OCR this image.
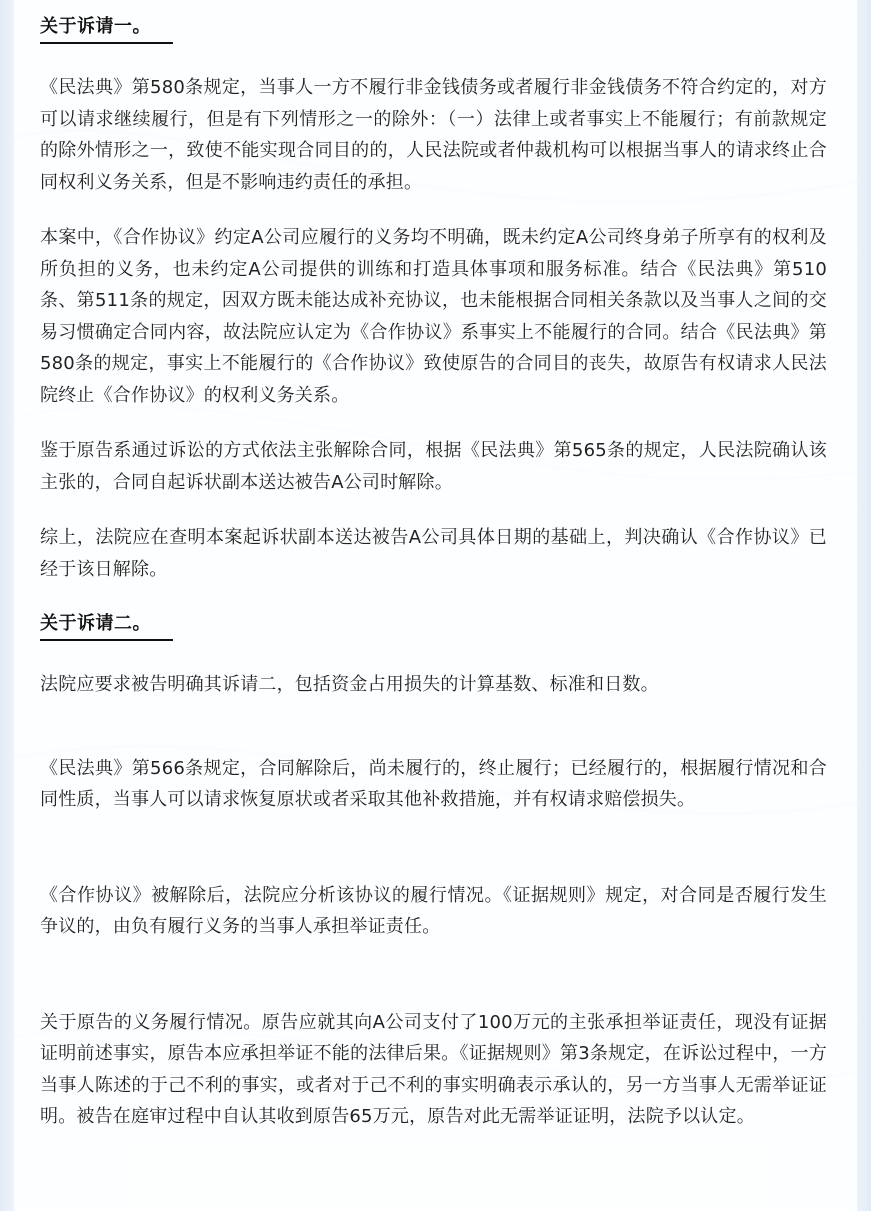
关于诉请一。

《民法典》第580条规定，当事人一方不履行非金钱债务或者履行非金钱债务不符合约定的，对方可以请求继续履行，但是有下列情形之一的除外：（一）法律上或者事实上不能履行；有前款规定的除外情形之一，致使不能实现合同目的的，人民法院或者仲裁机构可以根据当事人的请求终止合同权利义务关系，但是不影响违约责任的承担。

本案中，《合作协议》约定A公司应履行的义务均不明确，既未约定A公司终身弟子所享有的权利及所负担的义务，也未约定A公司提供的训练和打造具体事项和服务标准。结合《民法典》第510条、第511条的规定，因双方既未能达成补充协议，也未能根据合同相关条款以及当事人之间的交易习惯确定合同内容，故法院应认定为《合作协议》系事实上不能履行的合同。结合《民法典》第580条的规定，事实上不能履行的《合作协议》致使原告的合同目的丧失，故原告有权请求人民法院终止《合作协议》的权利义务关系。

鉴于原告系通过诉讼的方式依法主张解除合同，根据《民法典》第565条的规定，人民法院确认该主张的，合同自起诉状副本送达被告A公司时解除。

综上，法院应在查明本案起诉状副本送达被告A公司具体日期的基础上，判决确认《合作协议》已经于该日解除。

关于诉请二。

法院应要求被告明确其诉请二，包括资金占用损失的计算基数、标准和日数。

《民法典》第566条规定，合同解除后，尚未履行的，终止履行；已经履行的，根据履行情况和合同性质，当事人可以请求恢复原状或者采取其他补救措施，并有权请求赔偿损失。

《合作协议》被解除后，法院应分析该协议的履行情况。《证据规则》规定，对合同是否履行发生争议的，由负有履行义务的当事人承担举证责任。

关于原告的义务履行情况。原告应就其向A公司支付了100万元的主张承担举证责任，现没有证据证明前述事实，原告本应承担举证不能的法律后果。《证据规则》第3条规定，在诉讼过程中，一方当事人陈述的于己不利的事实，或者对于己不利的事实明确表示承认的，另一方当事人无需举证证明。被告在庭审过程中自认其收到原告65万元，原告对此无需举证证明，法院予以认定。
